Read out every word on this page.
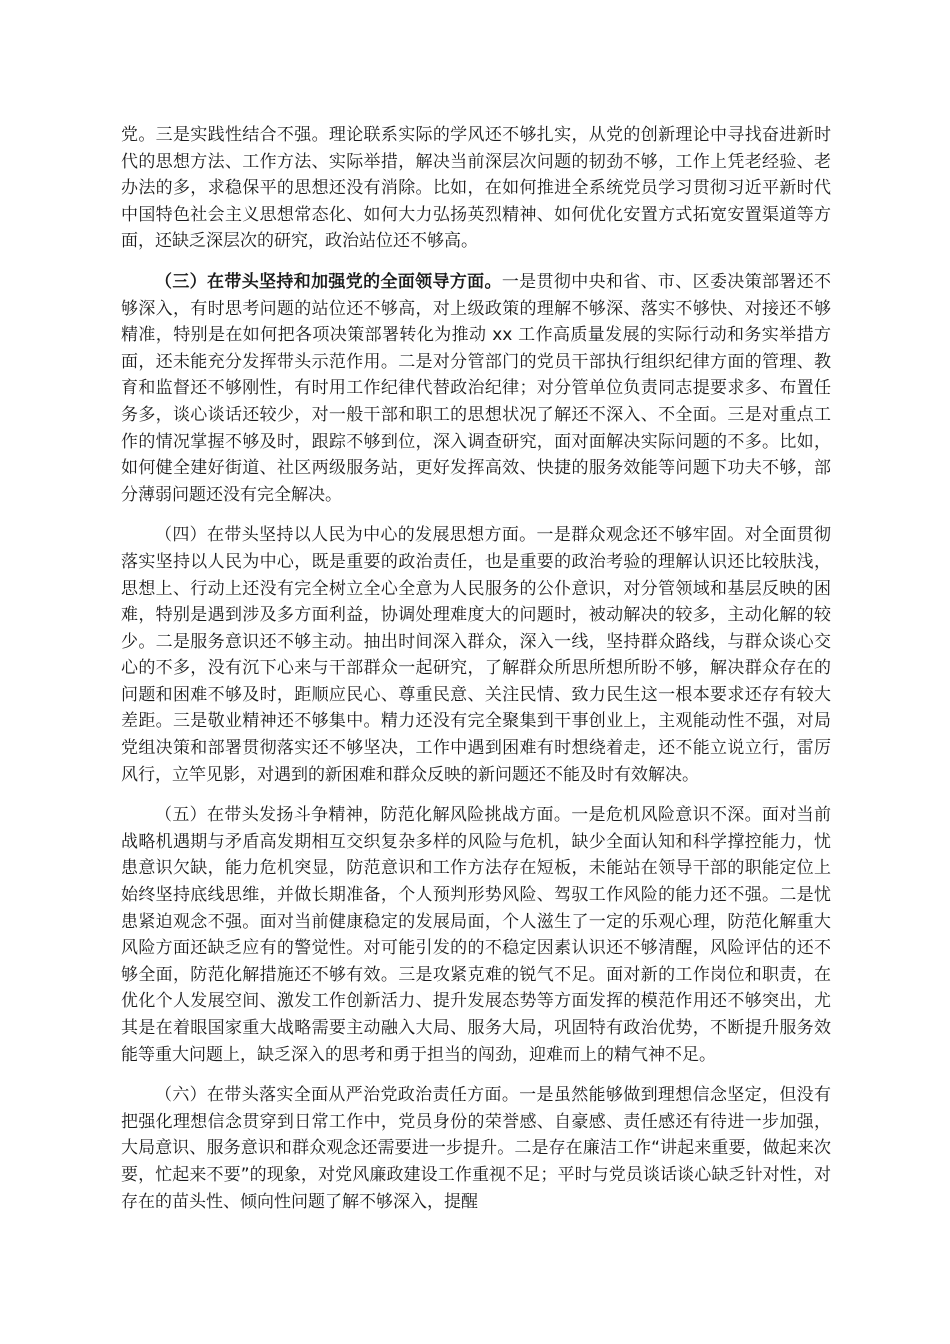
党。三是实践性结合不强。理论联系实际的学风还不够扎实，从党的创新理论中寻找奋进新时代的思想方法、工作方法、实际举措，解决当前深层次问题的韧劲不够，工作上凭老经验、老办法的多，求稳保平的思想还没有消除。比如，在如何推进全系统党员学习贯彻习近平新时代中国特色社会主义思想常态化、如何大力弘扬英烈精神、如何优化安置方式拓宽安置渠道等方面，还缺乏深层次的研究，政治站位还不够高。

（三）在带头坚持和加强党的全面领导方面。一是贯彻中央和省、市、区委决策部署还不够深入，有时思考问题的站位还不够高，对上级政策的理解不够深、落实不够快、对接还不够精准，特别是在如何把各项决策部署转化为推动 xx 工作高质量发展的实际行动和务实举措方面，还未能充分发挥带头示范作用。二是对分管部门的党员干部执行组织纪律方面的管理、教育和监督还不够刚性，有时用工作纪律代替政治纪律；对分管单位负责同志提要求多、布置任务多，谈心谈话还较少，对一般干部和职工的思想状况了解还不深入、不全面。三是对重点工作的情况掌握不够及时，跟踪不够到位，深入调查研究，面对面解决实际问题的不多。比如，如何健全建好街道、社区两级服务站，更好发挥高效、快捷的服务效能等问题下功夫不够，部分薄弱问题还没有完全解决。

（四）在带头坚持以人民为中心的发展思想方面。一是群众观念还不够牢固。对全面贯彻落实坚持以人民为中心，既是重要的政治责任，也是重要的政治考验的理解认识还比较肤浅，思想上、行动上还没有完全树立全心全意为人民服务的公仆意识，对分管领域和基层反映的困难，特别是遇到涉及多方面利益，协调处理难度大的问题时，被动解决的较多，主动化解的较少。二是服务意识还不够主动。抽出时间深入群众，深入一线，坚持群众路线，与群众谈心交心的不多，没有沉下心来与干部群众一起研究，了解群众所思所想所盼不够，解决群众存在的问题和困难不够及时，距顺应民心、尊重民意、关注民情、致力民生这一根本要求还存有较大差距。三是敬业精神还不够集中。精力还没有完全聚集到干事创业上，主观能动性不强，对局党组决策和部署贯彻落实还不够坚决，工作中遇到困难有时想绕着走，还不能立说立行，雷厉风行，立竿见影，对遇到的新困难和群众反映的新问题还不能及时有效解决。

（五）在带头发扬斗争精神，防范化解风险挑战方面。一是危机风险意识不深。面对当前战略机遇期与矛盾高发期相互交织复杂多样的风险与危机，缺少全面认知和科学撑控能力，忧患意识欠缺，能力危机突显，防范意识和工作方法存在短板，未能站在领导干部的职能定位上始终坚持底线思维，并做长期准备，个人预判形势风险、驾驭工作风险的能力还不强。二是忧患紧迫观念不强。面对当前健康稳定的发展局面，个人滋生了一定的乐观心理，防范化解重大风险方面还缺乏应有的警觉性。对可能引发的的不稳定因素认识还不够清醒，风险评估的还不够全面，防范化解措施还不够有效。三是攻紧克难的锐气不足。面对新的工作岗位和职责，在优化个人发展空间、激发工作创新活力、提升发展态势等方面发挥的模范作用还不够突出，尤其是在着眼国家重大战略需要主动融入大局、服务大局，巩固特有政治优势，不断提升服务效能等重大问题上，缺乏深入的思考和勇于担当的闯劲，迎难而上的精气神不足。

（六）在带头落实全面从严治党政治责任方面。一是虽然能够做到理想信念坚定，但没有把强化理想信念贯穿到日常工作中，党员身份的荣誉感、自豪感、责任感还有待进一步加强，大局意识、服务意识和群众观念还需要进一步提升。二是存在廉洁工作“讲起来重要，做起来次要，忙起来不要”的现象，对党风廉政建设工作重视不足；平时与党员谈话谈心缺乏针对性，对存在的苗头性、倾向性问题了解不够深入，提醒
